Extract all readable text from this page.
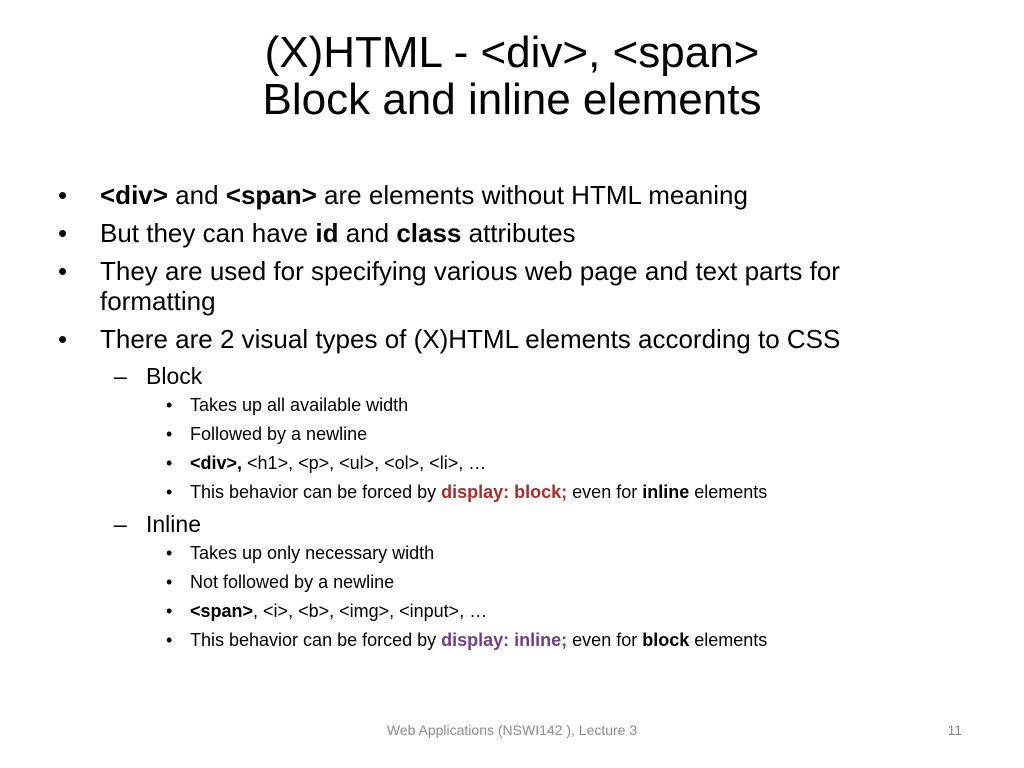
(X)HTML - <div>, <span>
Block and inline elements
• <div> and <span> are elements without HTML meaning
• But they can have id and class attributes
• They are used for specifying various web page and text parts for formatting
• There are 2 visual types of (X)HTML elements according to CSS
– Block
• Takes up all available width
• Followed by a newline
• <div>, <h1>, <p>, <ul>, <ol>, <li>, …
• This behavior can be forced by display: block; even for inline elements
– Inline
• Takes up only necessary width
• Not followed by a newline
• <span>, <i>, <b>, <img>, <input>, …
• This behavior can be forced by display: inline; even for block elements
Web Applications (NSWI142 ), Lecture 3	11
